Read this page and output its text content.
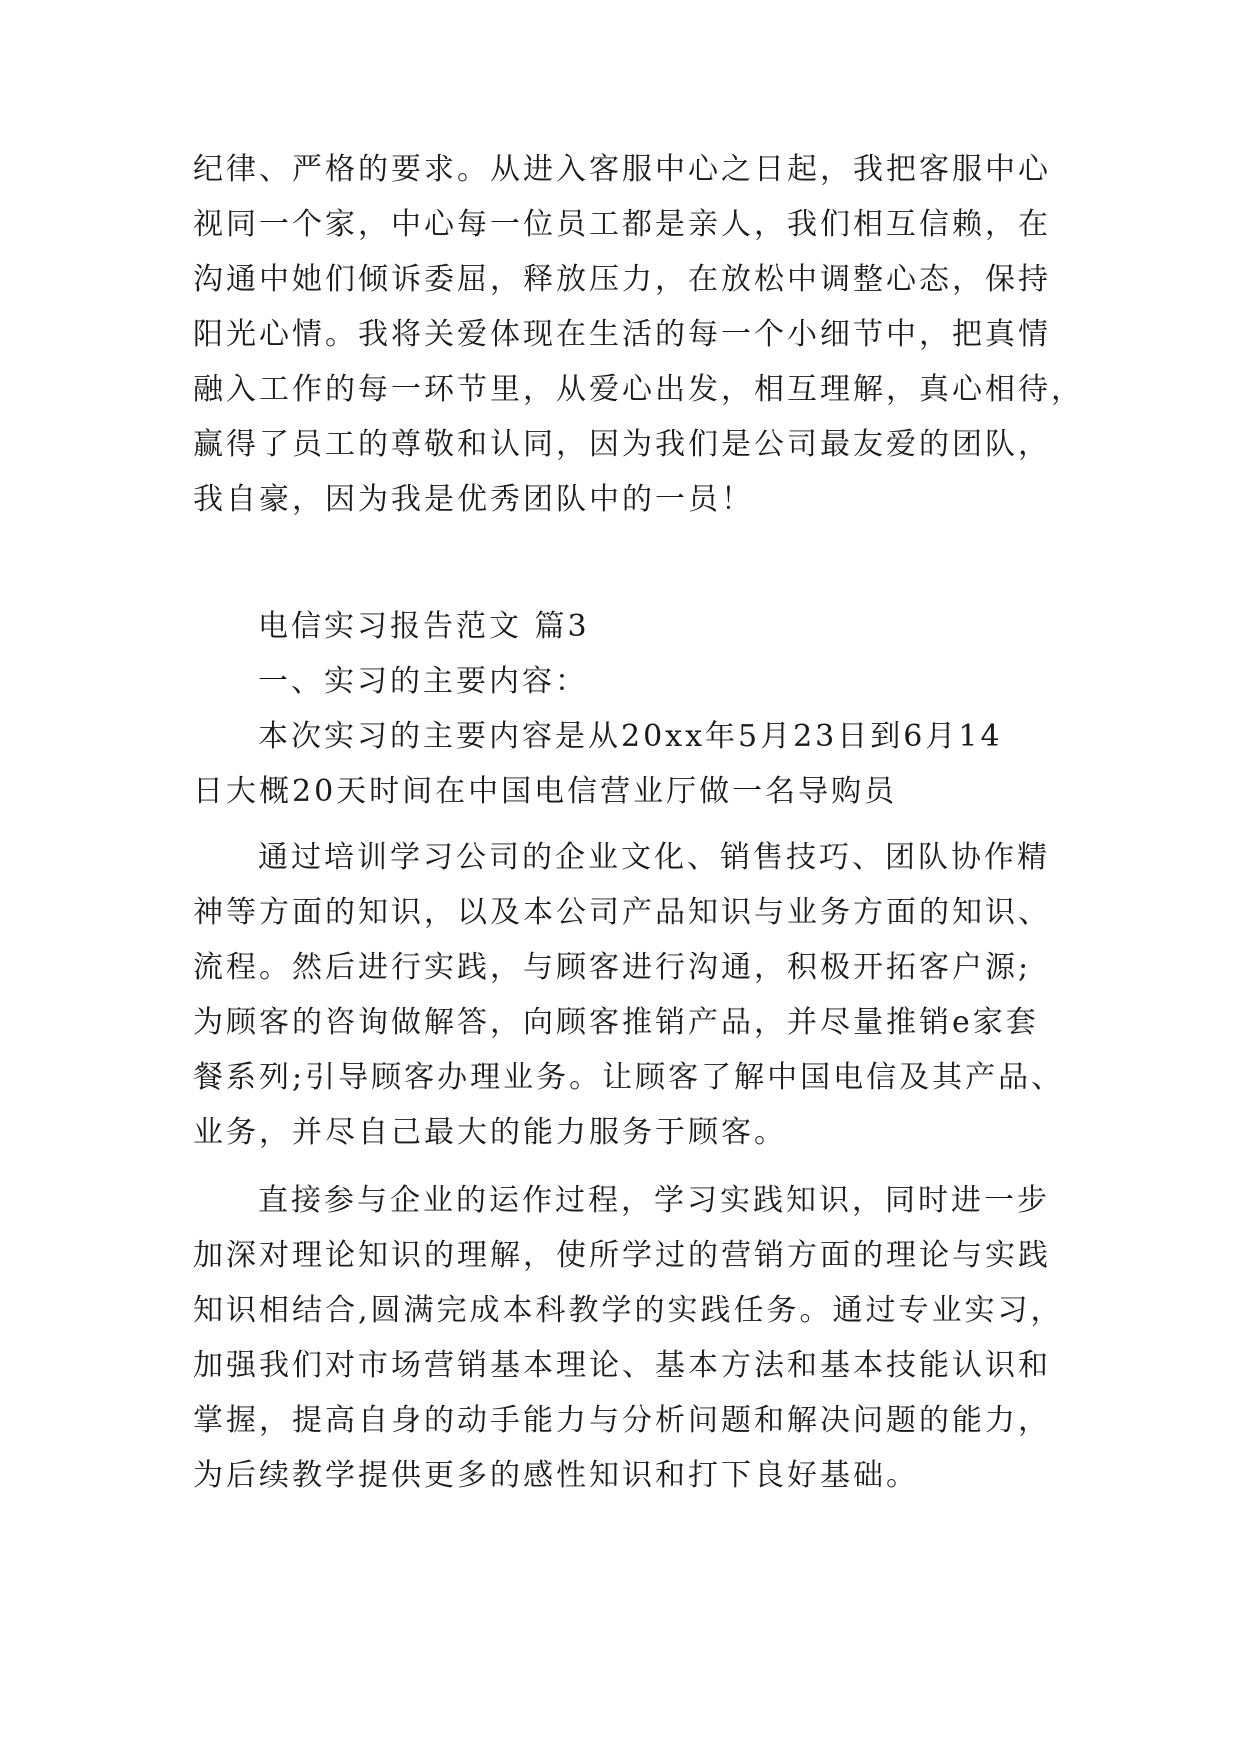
纪律、严格的要求。从进入客服中心之日起，我把客服中心
视同一个家，中心每一位员工都是亲人，我们相互信赖，在
沟通中她们倾诉委屈，释放压力，在放松中调整心态，保持
阳光心情。我将关爱体现在生活的每一个小细节中，把真情
融入工作的每一环节里，从爱心出发，相互理解，真心相待，
赢得了员工的尊敬和认同，因为我们是公司最友爱的团队，
我自豪，因为我是优秀团队中的一员！
电信实习报告范文 篇3
一、实习的主要内容：
本次实习的主要内容是从20xx年5月23日到6月14
日大概20天时间在中国电信营业厅做一名导购员
通过培训学习公司的企业文化、销售技巧、团队协作精
神等方面的知识，以及本公司产品知识与业务方面的知识、
流程。然后进行实践，与顾客进行沟通，积极开拓客户源;
为顾客的咨询做解答，向顾客推销产品，并尽量推销e家套
餐系列;引导顾客办理业务。让顾客了解中国电信及其产品、
业务，并尽自己最大的能力服务于顾客。
直接参与企业的运作过程，学习实践知识，同时进一步
加深对理论知识的理解，使所学过的营销方面的理论与实践
知识相结合,圆满完成本科教学的实践任务。通过专业实习，
加强我们对市场营销基本理论、基本方法和基本技能认识和
掌握，提高自身的动手能力与分析问题和解决问题的能力，
为后续教学提供更多的感性知识和打下良好基础。
